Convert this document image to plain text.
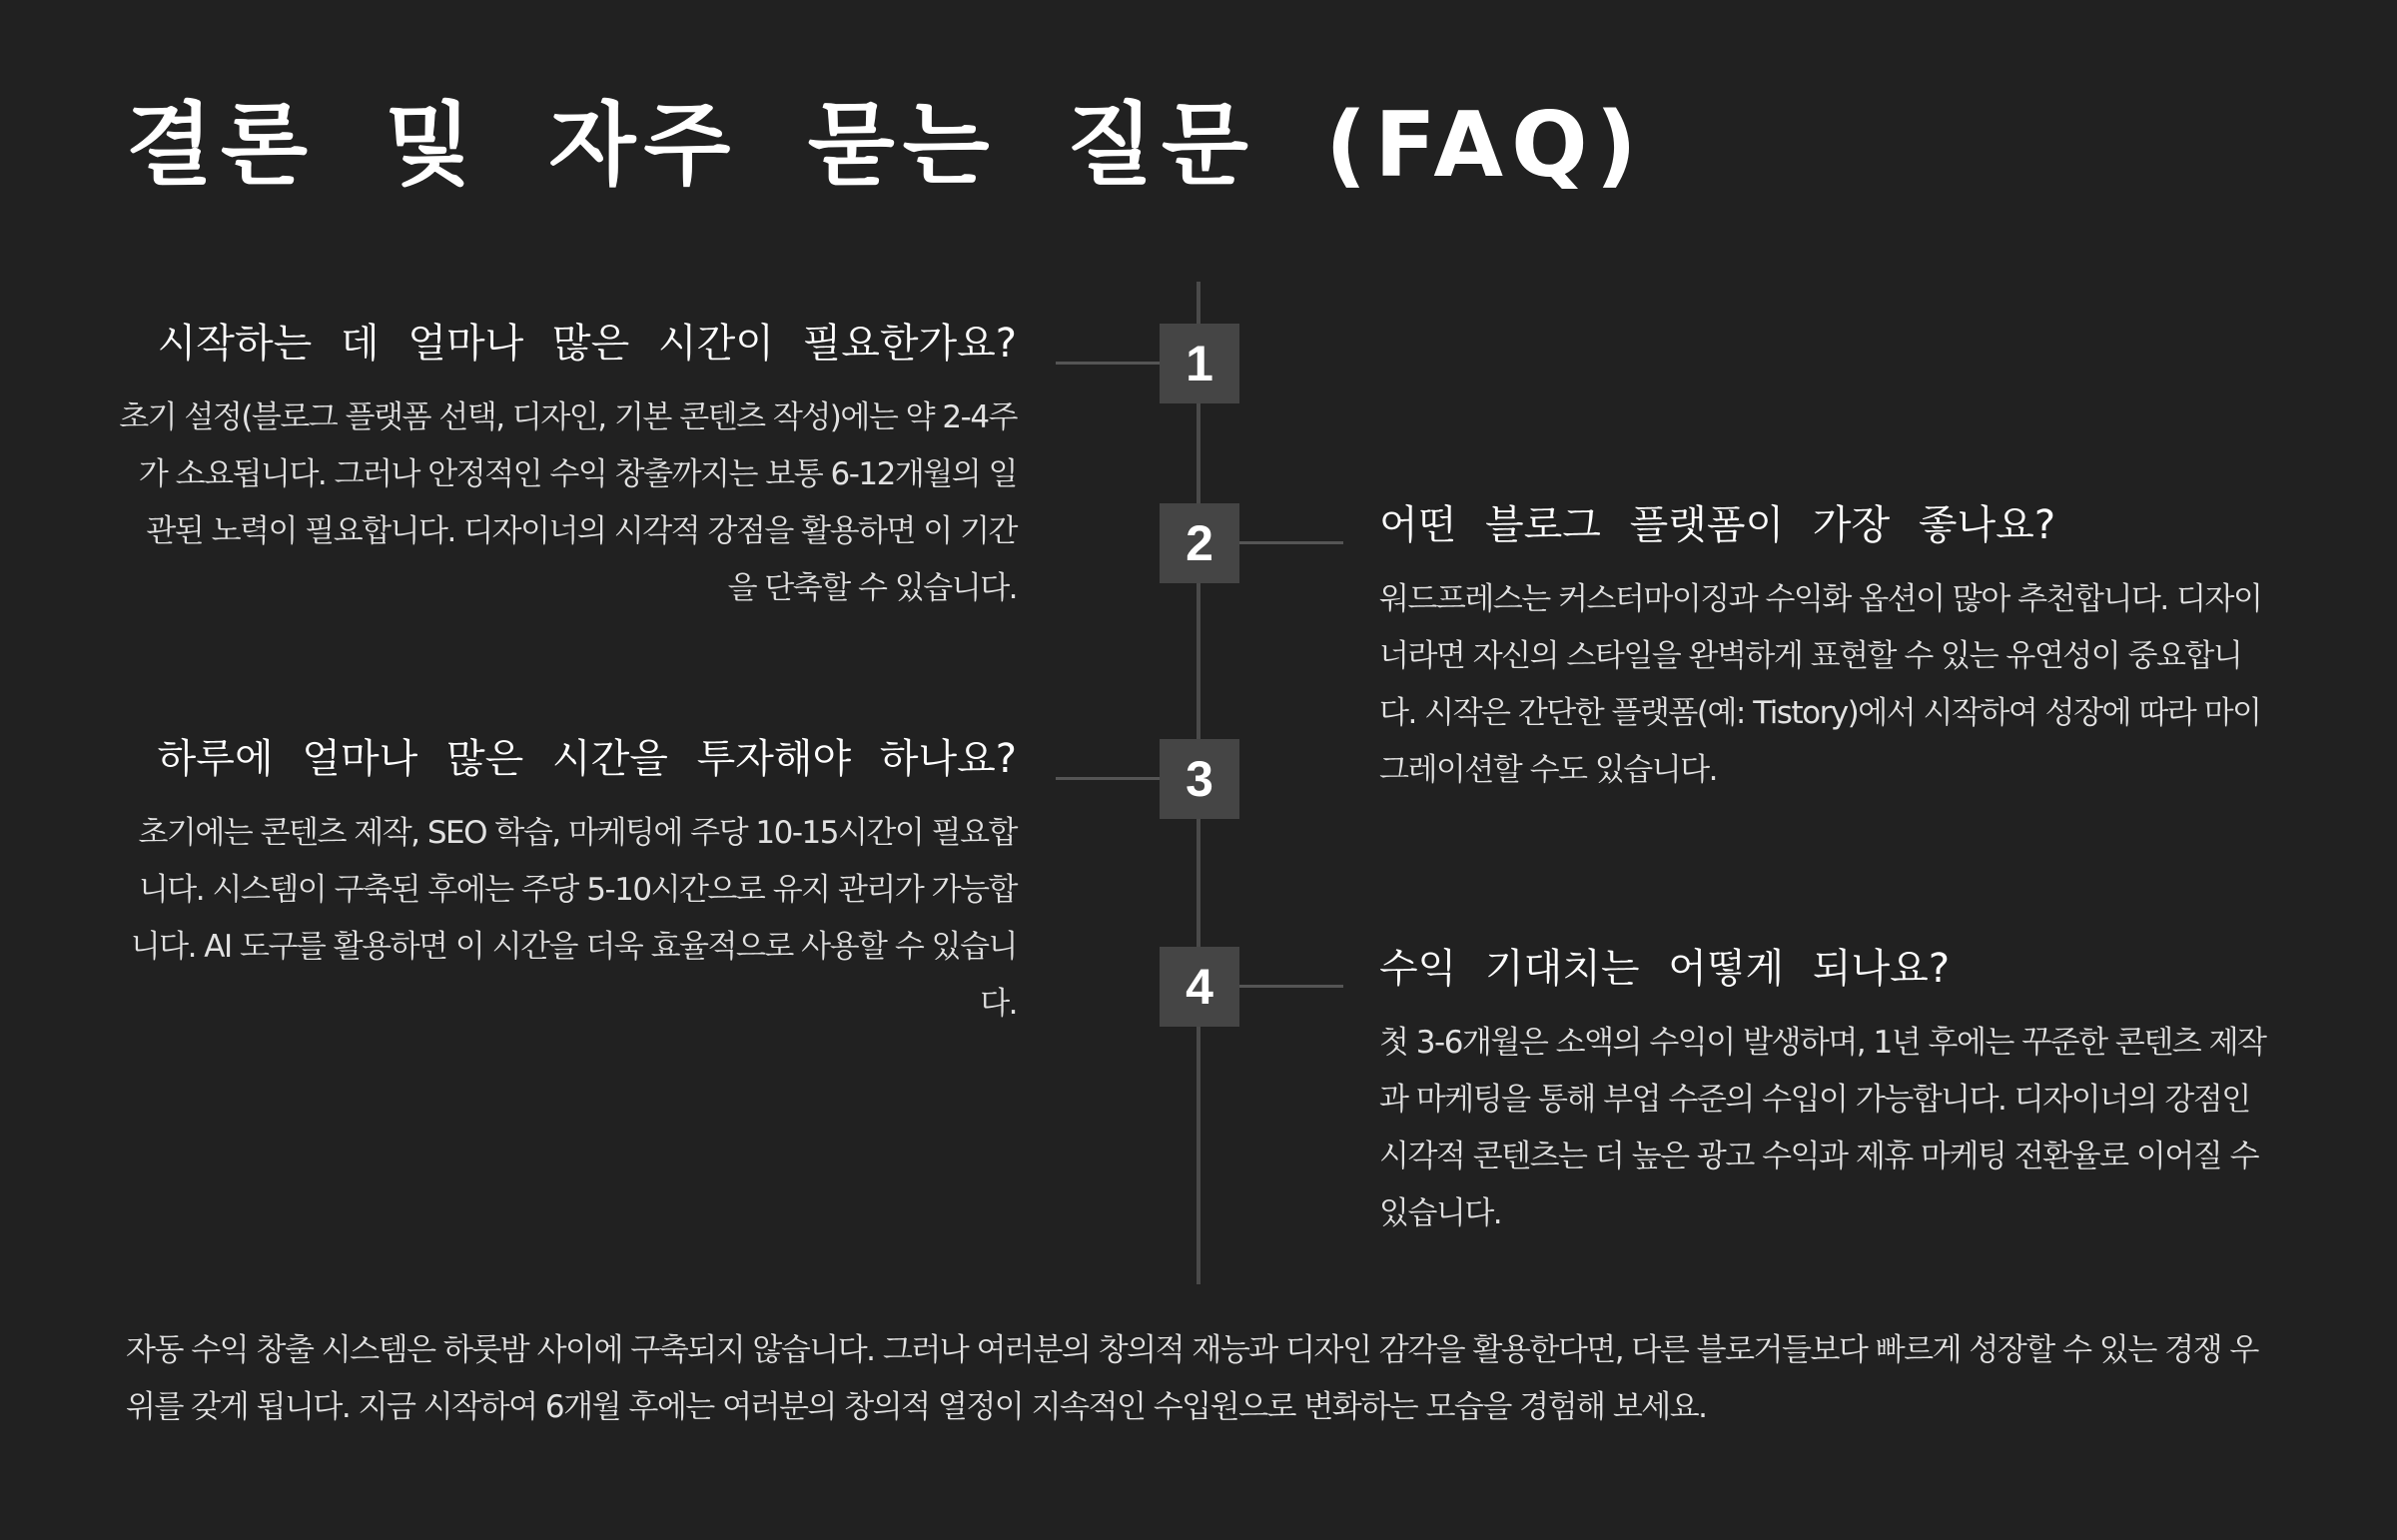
결론 및 자주 묻는 질문 (FAQ)
1

시작하는 데 얼마나 많은 시간이 필요한가요?

초기 설정(블로그 플랫폼 선택, 디자인, 기본 콘텐츠 작성)에는 약 2-4주가 소요됩니다. 그러나 안정적인 수익 창출까지는 보통 6-12개월의 일관된 노력이 필요합니다. 디자이너의 시각적 강점을 활용하면 이 기간을 단축할 수 있습니다.

2	어떤 블로그 플랫폼이 가장 좋나요?

워드프레스는 커스터마이징과 수익화 옵션이 많아 추천합니다. 디자이너라면 자신의 스타일을 완벽하게 표현할 수 있는 유연성이 중요합니다. 시작은 간단한 플랫폼(예: Tistory)에서 시작하여 성장에 따라 마이그레이션할 수도 있습니다.

3

하루에 얼마나 많은 시간을 투자해야 하나요?

초기에는 콘텐츠 제작, SEO 학습, 마케팅에 주당 10-15시간이 필요합니다. 시스템이 구축된 후에는 주당 5-10시간으로 유지 관리가 가능합니다. AI 도구를 활용하면 이 시간을 더욱 효율적으로 사용할 수 있습니다.	4	수익 기대치는 어떻게 되나요?

첫 3-6개월은 소액의 수익이 발생하며, 1년 후에는 꾸준한 콘텐츠 제작과 마케팅을 통해 부업 수준의 수입이 가능합니다. 디자이너의 강점인 시각적 콘텐츠는 더 높은 광고 수익과 제휴 마케팅 전환율로 이어질 수 있습니다.

자동 수익 창출 시스템은 하룻밤 사이에 구축되지 않습니다. 그러나 여러분의 창의적 재능과 디자인 감각을 활용한다면, 다른 블로거들보다 빠르게 성장할 수 있는 경쟁 우위를 갖게 됩니다. 지금 시작하여 6개월 후에는 여러분의 창의적 열정이 지속적인 수입원으로 변화하는 모습을 경험해 보세요.
